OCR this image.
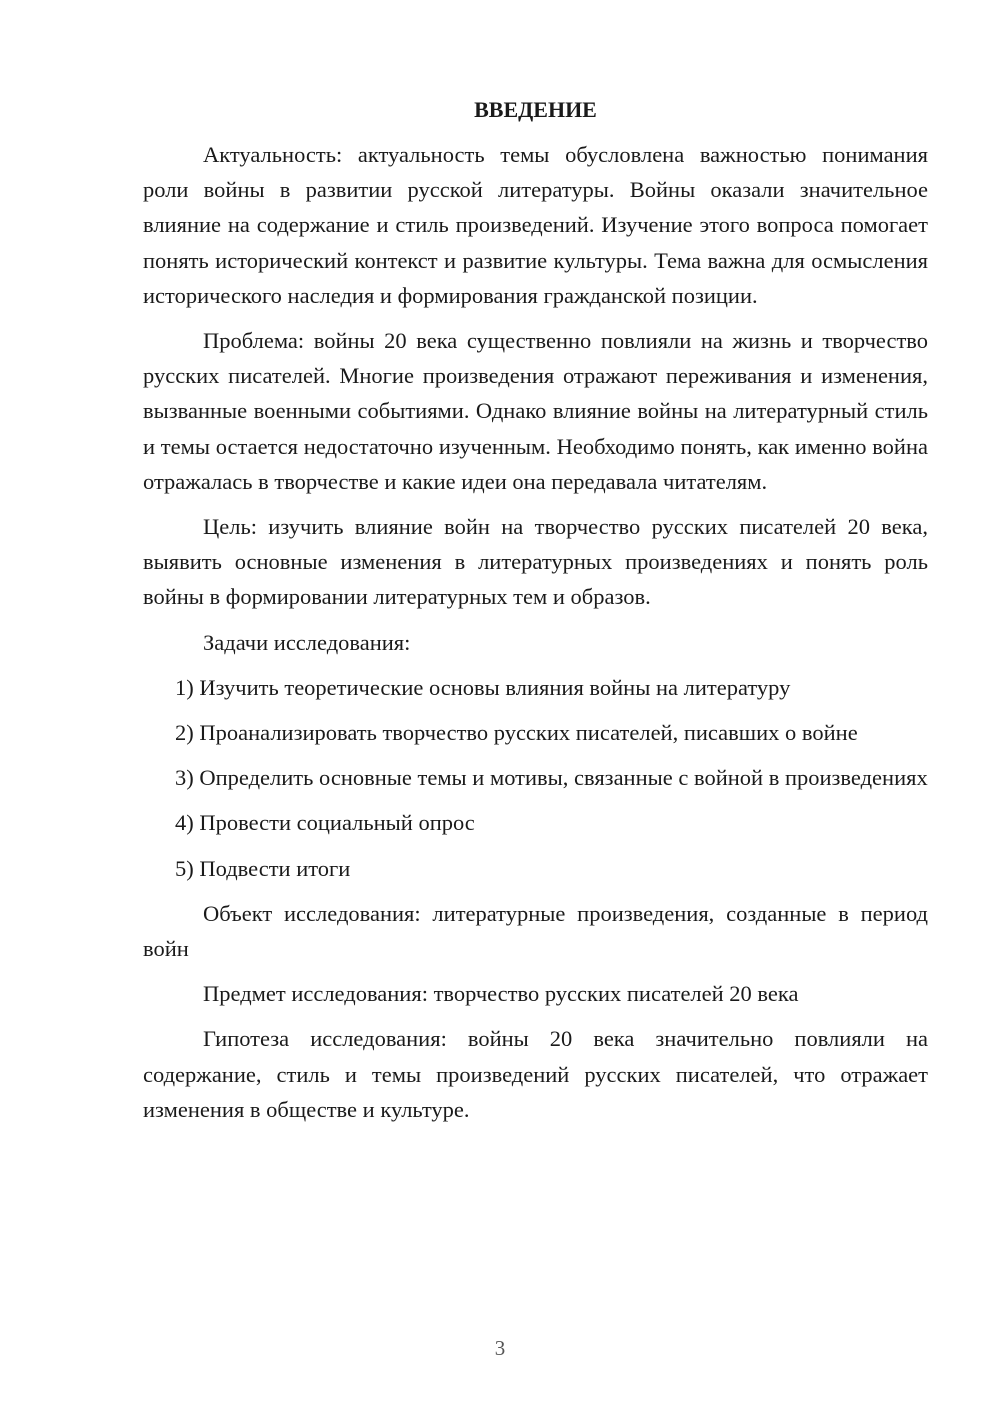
ВВЕДЕНИЕ

Актуальность: актуальность темы обусловлена важностью понимания роли войны в развитии русской литературы. Войны оказали значительное влияние на содержание и стиль произведений. Изучение этого вопроса помогает понять исторический контекст и развитие культуры. Тема важна для осмысления исторического наследия и формирования гражданской позиции.

Проблема: войны 20 века существенно повлияли на жизнь и творчество русских писателей. Многие произведения отражают переживания и изменения, вызванные военными событиями. Однако влияние войны на литературный стиль и темы остается недостаточно изученным. Необходимо понять, как именно война отражалась в творчестве и какие идеи она передавала читателям.

Цель: изучить влияние войн на творчество русских писателей 20 века, выявить основные изменения в литературных произведениях и понять роль войны в формировании литературных тем и образов.

Задачи исследования:

1) Изучить теоретические основы влияния войны на литературу

2) Проанализировать творчество русских писателей, писавших о войне

3) Определить основные темы и мотивы, связанные с войной в произведениях

4) Провести социальный опрос

5) Подвести итоги

Объект исследования: литературные произведения, созданные в период войн

Предмет исследования: творчество русских писателей 20 века

Гипотеза исследования: войны 20 века значительно повлияли на содержание, стиль и темы произведений русских писателей, что отражает изменения в обществе и культуре.

3
